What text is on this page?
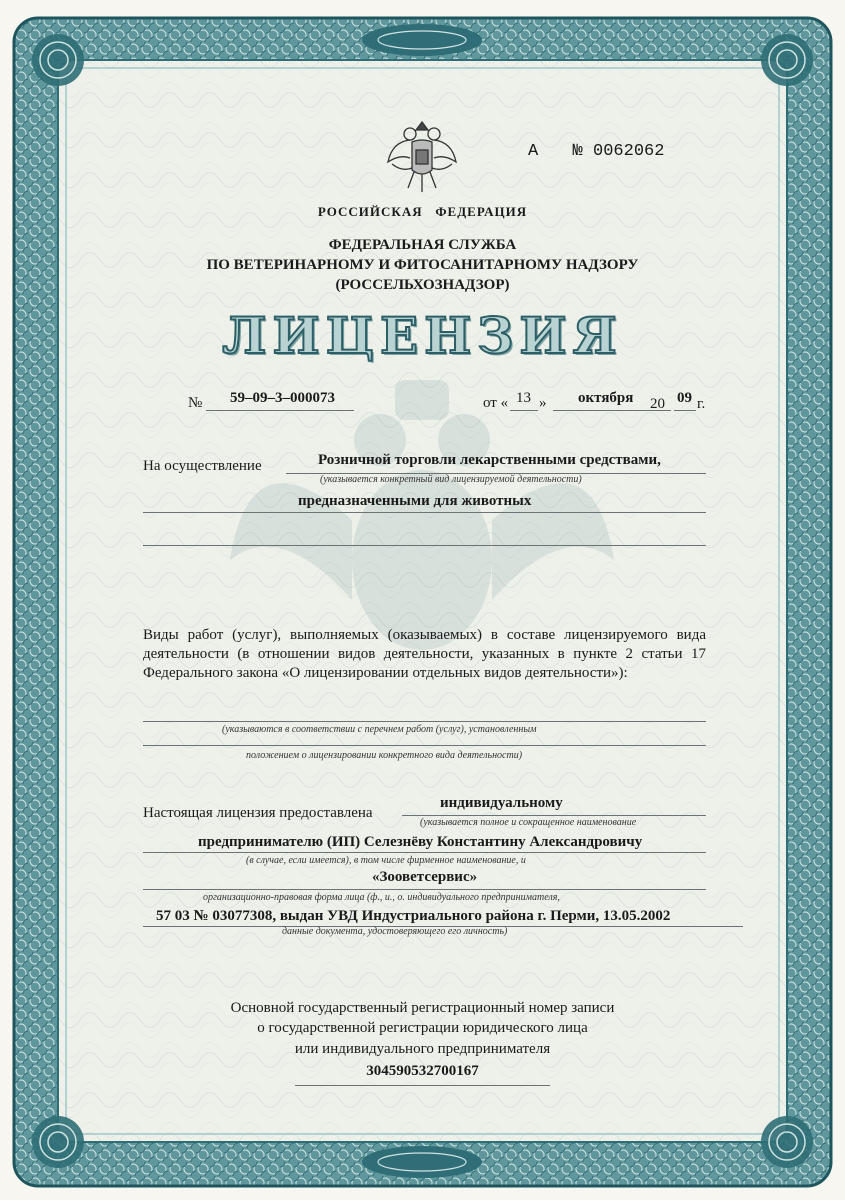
А № 0062062
РОССИЙСКАЯ   ФЕДЕРАЦИЯ
ФЕДЕРАЛЬНАЯ СЛУЖБА
ПО ВЕТЕРИНАРНОМУ И ФИТОСАНИТАРНОМУ НАДЗОРУ
(РОССЕЛЬХОЗНАДЗОР)
ЛИЦЕНЗИЯ
№ 59–09–3–000073	от « 13 » октября 20 09 г.
На осуществление	Розничной торговли лекарственными средствами,
(указывается конкретный вид лицензируемой деятельности)
предназначенными для животных
Виды работ (услуг), выполняемых (оказываемых) в составе лицензируемого вида деятельности (в отношении видов деятельности, указанных в пункте 2 статьи 17 Федерального закона «О лицензировании отдельных видов деятельности»):
(указываются в соответствии с перечнем работ (услуг), установленным
положением о лицензировании конкретного вида деятельности)
Настоящая лицензия предоставлена
индивидуальному
(указывается полное и сокращенное наименование
предпринимателю (ИП) Селезнёву Константину Александровичу
(в случае, если имеется), в том числе фирменное наименование, и
«Зооветсервис»
организационно-правовая форма лица (ф., и., о. индивидуального предпринимателя,
57 03 № 03077308, выдан УВД Индустриального района г. Перми, 13.05.2002
данные документа, удостоверяющего его личность)
Основной государственный регистрационный номер записи
о государственной регистрации юридического лица
или индивидуального предпринимателя
304590532700167
